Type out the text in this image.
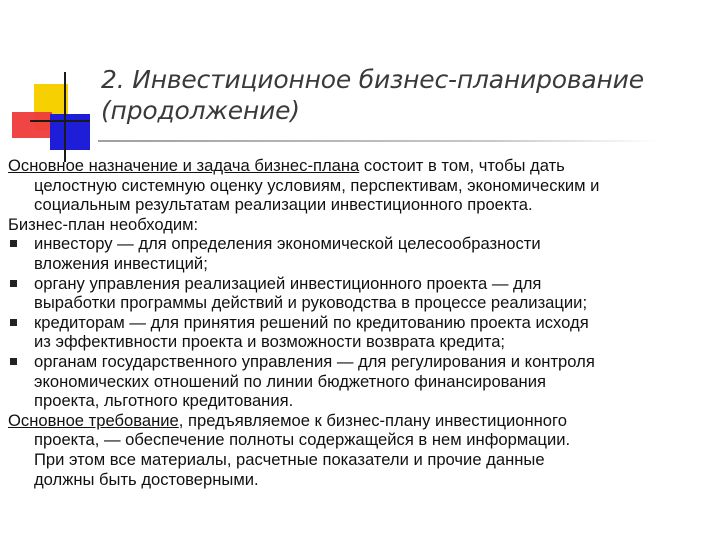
2. Инвестиционное бизнес-планирование
(продолжение)
Основное назначение и задача бизнес-плана состоит в том, чтобы дать
целостную системную оценку условиям, перспективам, экономическим и
социальным результатам реализации инвестиционного проекта.
Бизнес-план необходим:
инвестору — для определения экономической целесообразности
вложения инвестиций;
органу управления реализацией инвестиционного проекта — для
выработки программы действий и руководства в процессе реализации;
кредиторам — для принятия решений по кредитованию проекта исходя
из эффективности проекта и возможности возврата кредита;
органам государственного управления — для регулирования и контроля
экономических отношений по линии бюджетного финансирования
проекта, льготного кредитования.
Основное требование, предъявляемое к бизнес-плану инвестиционного
проекта, — обеспечение полноты содержащейся в нем информации.
При этом все материалы, расчетные показатели и прочие данные
должны быть достоверными.
